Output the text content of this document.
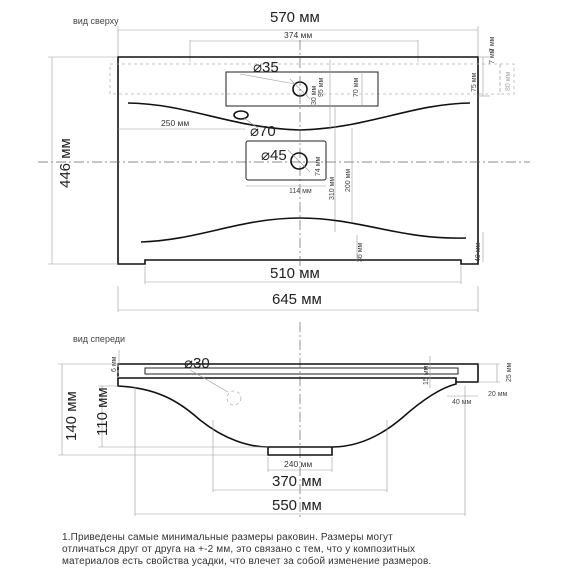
вид сверху	570 мм
374 мм
⌀35
30 мм 95 мм	70 мм	75 мм
7 мм
7 мм
80 мм
250 мм	⌀70
⌀45
74 мм
114 мм 310 мм 200 мм
36 мм	40 мм
446 мм
510 мм
645 мм
вид спереди
⌀30
6 мм
15 мм	25 мм
20 мм
40 мм
140 мм 110 мм
240 мм
370 мм
550 мм

1.Приведены самые минимальные размеры раковин. Размеры могут

отличаться друг от друга на +-2 мм, это связано с тем, что у композитных

материалов есть свойства усадки, что влечет за собой изменение размеров.
